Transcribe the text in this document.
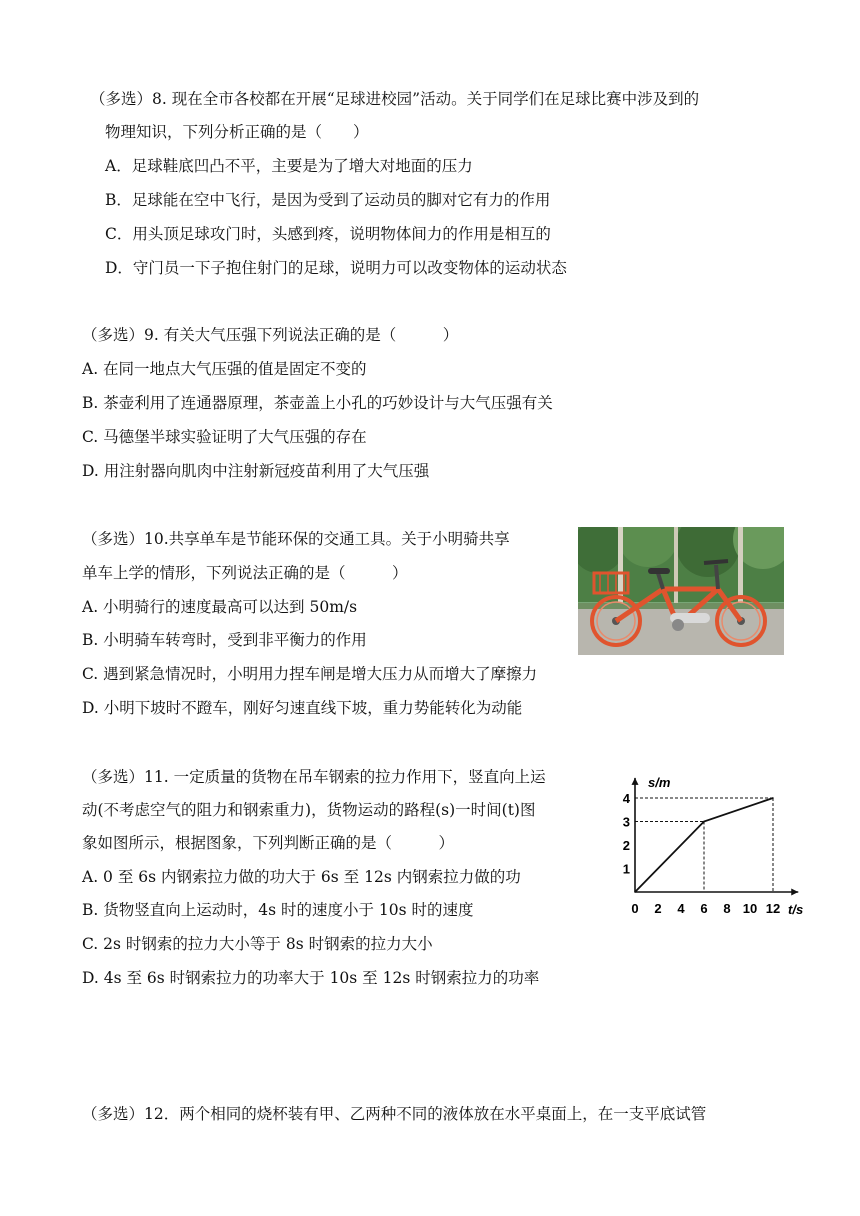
（多选）8. 现在全市各校都在开展“足球进校园”活动。关于同学们在足球比赛中涉及到的
物理知识，下列分析正确的是（　　）
A．足球鞋底凹凸不平，主要是为了增大对地面的压力
B．足球能在空中飞行，是因为受到了运动员的脚对它有力的作用
C．用头顶足球攻门时，头感到疼，说明物体间力的作用是相互的
D．守门员一下子抱住射门的足球，说明力可以改变物体的运动状态
（多选）9. 有关大气压强下列说法正确的是（　　　）
A. 在同一地点大气压强的值是固定不变的
B. 茶壶利用了连通器原理，茶壶盖上小孔的巧妙设计与大气压强有关
C. 马德堡半球实验证明了大气压强的存在
D. 用注射器向肌肉中注射新冠疫苗利用了大气压强
（多选）10.共享单车是节能环保的交通工具。关于小明骑共享
单车上学的情形，下列说法正确的是（　　　）
A. 小明骑行的速度最高可以达到 50m/s
B. 小明骑车转弯时，受到非平衡力的作用
C. 遇到紧急情况时，小明用力捏车闸是增大压力从而增大了摩擦力
D. 小明下坡时不蹬车，刚好匀速直线下坡，重力势能转化为动能
（多选）11. 一定质量的货物在吊车钢索的拉力作用下，竖直向上运
动(不考虑空气的阻力和钢索重力)，货物运动的路程(s)一时间(t)图
象如图所示，根据图象，下列判断正确的是（　　　）
A. 0 至 6s 内钢索拉力做的功大于 6s 至 12s 内钢索拉力做的功
B. 货物竖直向上运动时，4s 时的速度小于 10s 时的速度
C. 2s 时钢索的拉力大小等于 8s 时钢索的拉力大小
D. 4s 至 6s 时钢索拉力的功率大于 10s 至 12s 时钢索拉力的功率
0 2 4 6 8 10 12
1
2
3
4
s/m
t/s
（多选）12．两个相同的烧杯装有甲、乙两种不同的液体放在水平桌面上，在一支平底试管
